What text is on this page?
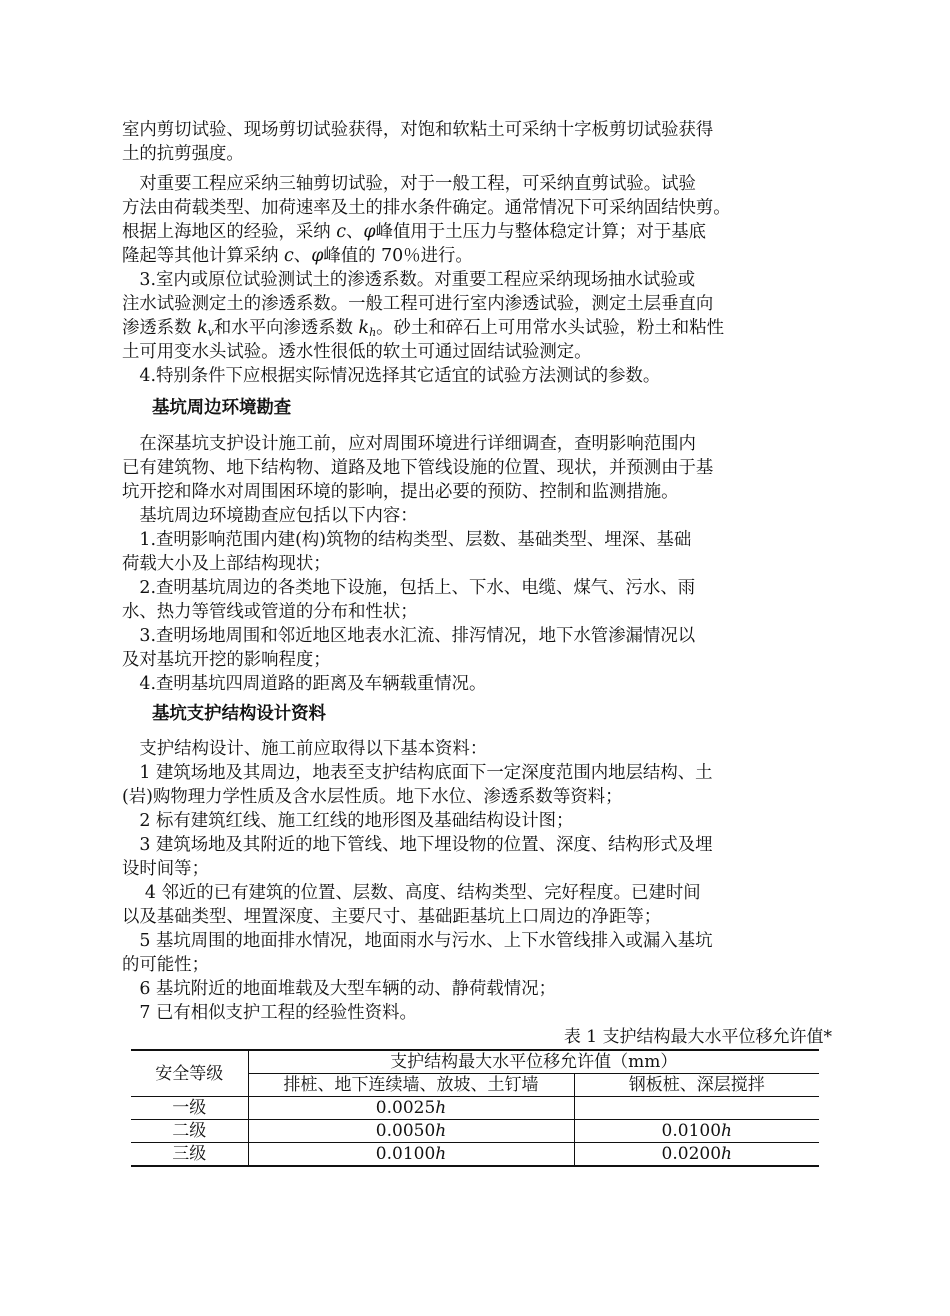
室内剪切试验、现场剪切试验获得，对饱和软粘土可采纳十字板剪切试验获得
土的抗剪强度。
　对重要工程应采纳三轴剪切试验，对于一般工程，可采纳直剪试验。试验
方法由荷载类型、加荷速率及土的排水条件确定。通常情况下可采纳固结快剪。
根据上海地区的经验，采纳 c、φ峰值用于土压力与整体稳定计算；对于基底
隆起等其他计算采纳 c、φ峰值的 70％进行。
　3.室内或原位试验测试土的渗透系数。对重要工程应采纳现场抽水试验或
注水试验测定土的渗透系数。一般工程可进行室内渗透试验，测定土层垂直向
渗透系数 $k_v$和水平向渗透系数 $k_h$。砂土和碎石上可用常水头试验，粉土和粘性
土可用变水头试验。透水性很低的软土可通过固结试验测定。
　4.特别条件下应根据实际情况选择其它适宜的试验方法测试的参数。
基坑周边环境勘查
　在深基坑支护设计施工前，应对周围环境进行详细调查，查明影响范围内
已有建筑物、地下结构物、道路及地下管线设施的位置、现状，并预测由于基
坑开挖和降水对周围困环境的影响，提出必要的预防、控制和监测措施。
　基坑周边环境勘查应包括以下内容：
　1.查明影响范围内建(构)筑物的结构类型、层数、基础类型、埋深、基础
荷载大小及上部结构现状；
　2.查明基坑周边的各类地下设施，包括上、下水、电缆、煤气、污水、雨
水、热力等管线或管道的分布和性状；
　3.查明场地周围和邻近地区地表水汇流、排泻情况，地下水管渗漏情况以
及对基坑开挖的影响程度；
　4.查明基坑四周道路的距离及车辆载重情况。
基坑支护结构设计资料
　支护结构设计、施工前应取得以下基本资料：
　1 建筑场地及其周边，地表至支护结构底面下一定深度范围内地层结构、土
(岩)购物理力学性质及含水层性质。地下水位、渗透系数等资料；
　2 标有建筑红线、施工红线的地形图及基础结构设计图；
　3 建筑场地及其附近的地下管线、地下埋设物的位置、深度、结构形式及埋
设时间等；
　 4 邻近的已有建筑的位置、层数、高度、结构类型、完好程度。已建时间
以及基础类型、埋置深度、主要尺寸、基础距基坑上口周边的净距等；
　5 基坑周围的地面排水情况，地面雨水与污水、上下水管线排入或漏入基坑
的可能性；
　6 基坑附近的地面堆载及大型车辆的动、静荷载情况；
　7 已有相似支护工程的经验性资料。
表 1 支护结构最大水平位移允许值*
安全等级	支护结构最大水平位移允许值（mm）	
	排桩、地下连续墙、放坡、土钉墙	钢板桩、深层搅拌
一级	0.0025h	
二级	0.0050h	0.0100h
三级	0.0100h	0.0200h
